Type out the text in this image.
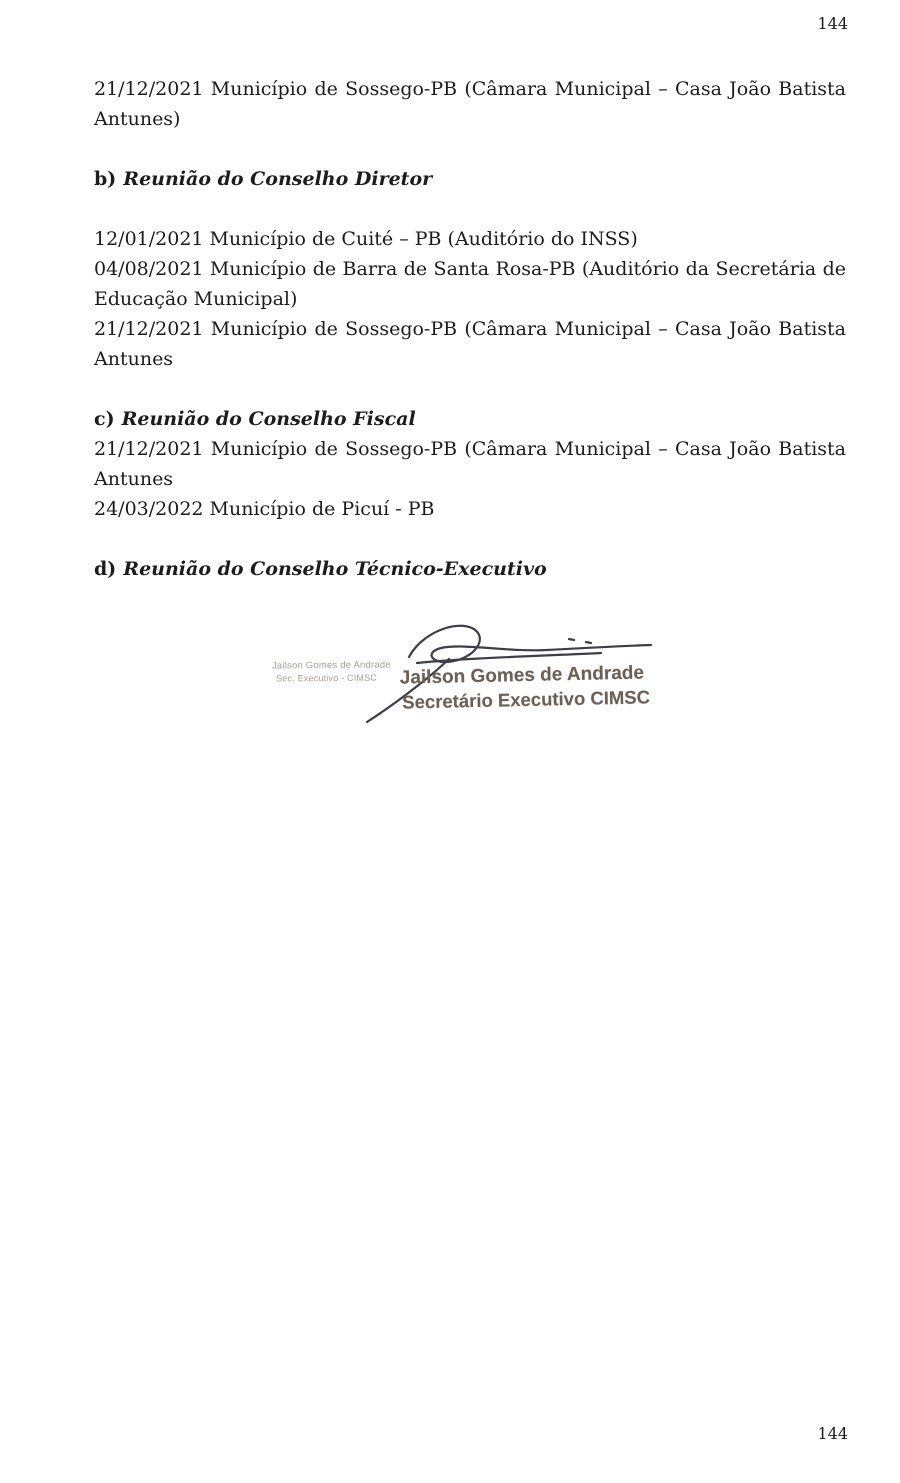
144

21/12/2021 Município de Sossego-PB (Câmara Municipal – Casa João Batista Antunes)

b) Reunião do Conselho Diretor

12/01/2021 Município de Cuité – PB (Auditório do INSS)

04/08/2021 Município de Barra de Santa Rosa-PB (Auditório da Secretária de Educação Municipal)

21/12/2021 Município de Sossego-PB (Câmara Municipal – Casa João Batista Antunes

c) Reunião do Conselho Fiscal

21/12/2021 Município de Sossego-PB (Câmara Municipal – Casa João Batista Antunes

24/03/2022 Município de Picuí - PB

d) Reunião do Conselho Técnico-Executivo

Jailson Gomes de Andrade
Sec. Executivo - CIMSC	Jailson Gomes de Andrade
Secretário Executivo CIMSC
144
